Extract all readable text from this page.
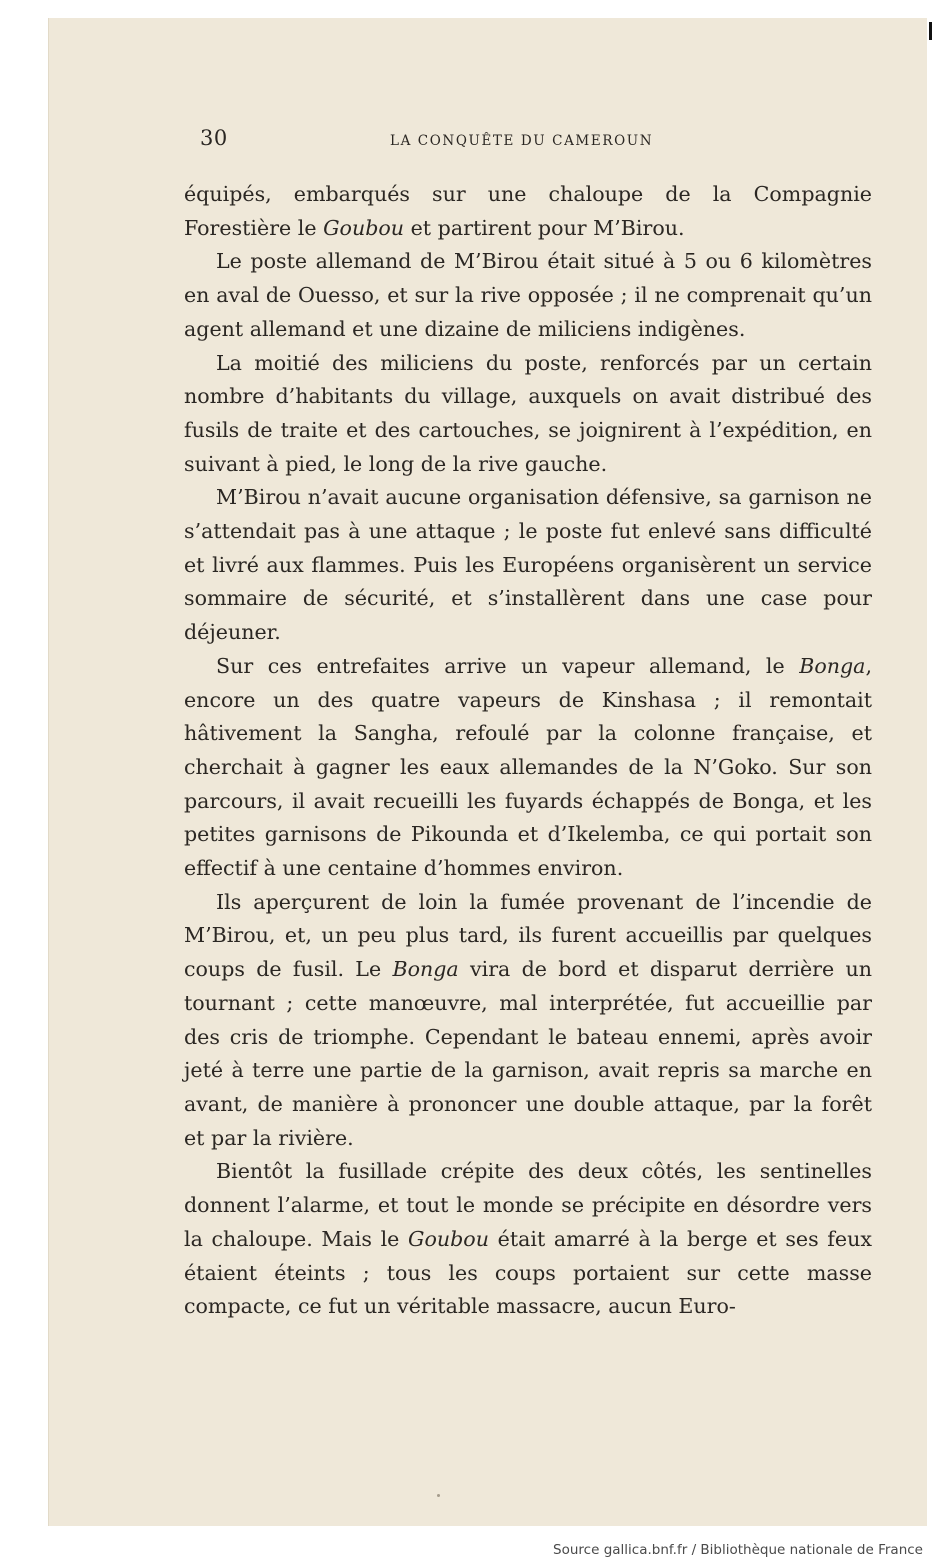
30	LA CONQUÊTE DU CAMEROUN

équipés, embarqués sur une chaloupe de la Compagnie Forestière le Goubou et partirent pour M’Birou.

Le poste allemand de M’Birou était situé à 5 ou 6 kilomètres en aval de Ouesso, et sur la rive opposée ; il ne comprenait qu’un agent allemand et une dizaine de miliciens indigènes.

La moitié des miliciens du poste, renforcés par un certain nombre d’habitants du village, auxquels on avait distribué des fusils de traite et des cartouches, se joignirent à l’expédition, en suivant à pied, le long de la rive gauche.

M’Birou n’avait aucune organisation défensive, sa garnison ne s’attendait pas à une attaque ; le poste fut enlevé sans difficulté et livré aux flammes. Puis les Européens organisèrent un service sommaire de sécurité, et s’installèrent dans une case pour déjeuner.

Sur ces entrefaites arrive un vapeur allemand, le Bonga, encore un des quatre vapeurs de Kinshasa ; il remontait hâtivement la Sangha, refoulé par la colonne française, et cherchait à gagner les eaux allemandes de la N’Goko. Sur son parcours, il avait recueilli les fuyards échappés de Bonga, et les petites garnisons de Pikounda et d’Ikelemba, ce qui portait son effectif à une centaine d’hommes environ.

Ils aperçurent de loin la fumée provenant de l’incendie de M’Birou, et, un peu plus tard, ils furent accueillis par quelques coups de fusil. Le Bonga vira de bord et disparut derrière un tournant ; cette manœuvre, mal interprétée, fut accueillie par des cris de triomphe. Cependant le bateau ennemi, après avoir jeté à terre une partie de la garnison, avait repris sa marche en avant, de manière à prononcer une double attaque, par la forêt et par la rivière.

Bientôt la fusillade crépite des deux côtés, les sentinelles donnent l’alarme, et tout le monde se précipite en désordre vers la chaloupe. Mais le Goubou était amarré à la berge et ses feux étaient éteints ; tous les coups portaient sur cette masse compacte, ce fut un véritable massacre, aucun Euro-

Source gallica.bnf.fr / Bibliothèque nationale de France
